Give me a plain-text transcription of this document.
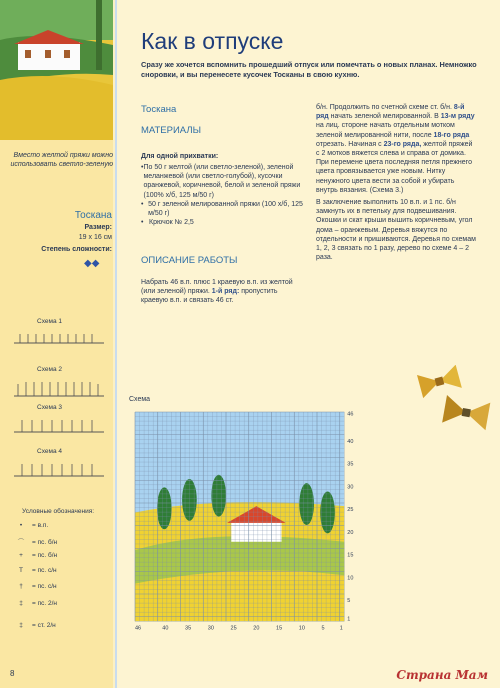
Вместо желтой пряжи можно использовать светло-зеленую
Тоскана
Размер:
19 x 16 см
Степень сложности:
◆◆
Схема 1
Схема 2
Схема 3
Схема 4
Условные обозначения:
• = в.п.
⌒ = пс. б/н
+ = пс. б/н
T = пс. с/н
† = пс. с/н
‡ = пс. 2/н
‡ = ст. 2/н
8
Как в отпуске
Сразу же хочется вспомнить прошедший отпуск или помечтать о новых планах. Немножко сноровки, и вы перенесете кусочек Тосканы в свою кухню.
Тоскана
МАТЕРИАЛЫ
Для одной прихватки:
• По 50 г желтой (или светло-зеленой), зеленой меланжевой (или светло-голубой), кусочки оранжевой, коричневой, белой и зеленой пряжи (100% х/б, 125 м/50 г)
• 50 г зеленой мелированной пряжи (100 х/б, 125 м/50 г)
• Крючок № 2,5
ОПИСАНИЕ РАБОТЫ
Набрать 46 в.п. плюс 1 краевую в.п. из желтой (или зеленой) пряжи. 1-й ряд: пропустить краевую в.п. и связать 46 ст.
б/н. Продолжить по счетной схеме ст. б/н. 8-й ряд начать зеленой мелированной. В 13-м ряду на лиц. стороне начать отдельным мотком зеленой мелированной нити, после 18-го ряда отрезать. Начиная с 23-го ряда, желтой пряжей с 2 мотков вяжется слева и справа от домика. При перемене цвета последняя петля прежнего цвета провязывается уже новым. Нитку ненужного цвета вести за собой и убирать внутрь вязания. (Схема 3.)
В заключение выполнить 10 в.п. и 1 пс. б/н замкнуть их в петельку для подвешивания. Окошки и скат крыши вышить коричневым, угол дома – оранжевым. Деревья вяжутся по отдельности и пришиваются. Деревья по схемам 1, 2, 3 связать по 1 разу, дерево по схеме 4 – 2 раза.
Схема
46
40
35
30
25
20
15
10
5
1
46	40	35	30	25	20	15	10	5	1
Страна Мам
